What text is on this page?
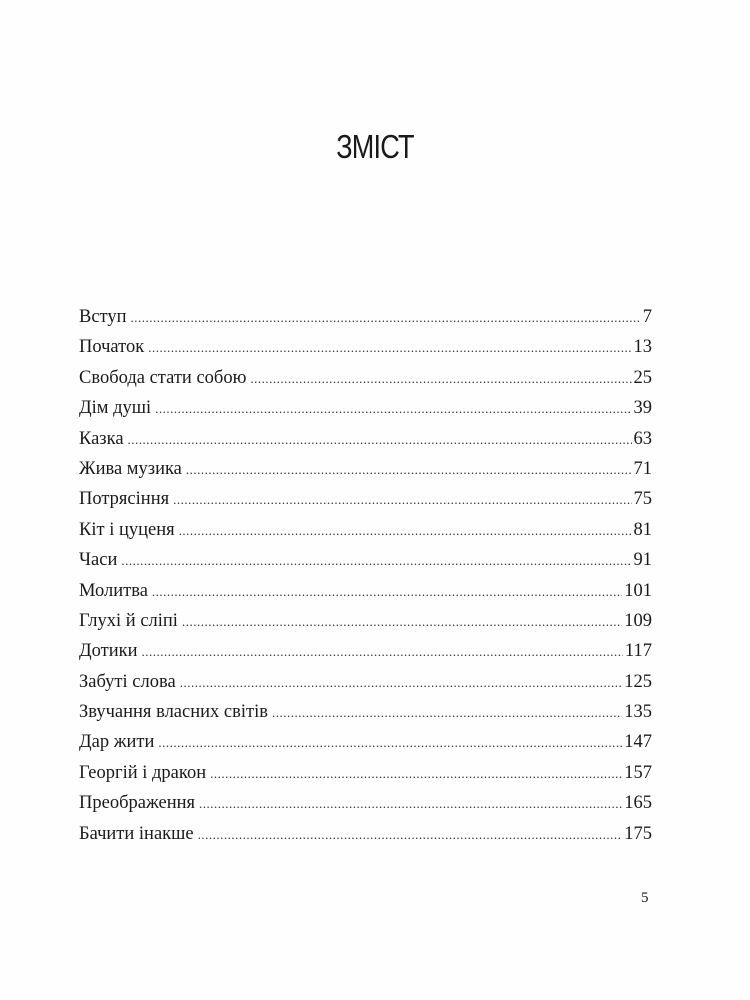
ЗМІСТ
Вступ .....	7
Початок .....	13
Свобода стати собою .....	25
Дім душі .....	39
Казка .....	63
Жива музика .....	71
Потрясіння .....	75
Кіт і цуценя .....	81
Часи .....	91
Молитва .....	101
Глухі й сліпі .....	109
Дотики .....	117
Забуті слова .....	125
Звучання власних світів .....	135
Дар жити .....	147
Георгій і дракон .....	157
Преображення .....	165
Бачити інакше .....	175
5
